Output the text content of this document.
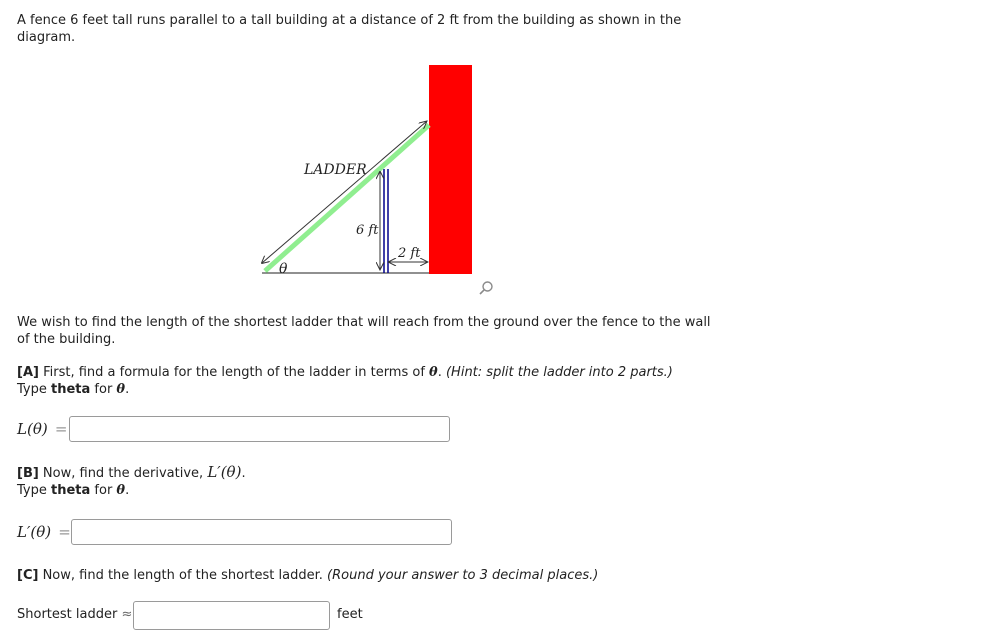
A fence 6 feet tall runs parallel to a tall building at a distance of 2 ft from the building as shown in the
diagram.
LADDER
6 ft
2 ft
θ
We wish to find the length of the shortest ladder that will reach from the ground over the fence to the wall
of the building.
[A] First, find a formula for the length of the ladder in terms of θ. (Hint: split the ladder into 2 parts.)
Type theta for θ.
L(θ) =
[B] Now, find the derivative, L′(θ).
Type theta for θ.
L′(θ) =
[C] Now, find the length of the shortest ladder. (Round your answer to 3 decimal places.)
Shortest ladder ≈	feet
